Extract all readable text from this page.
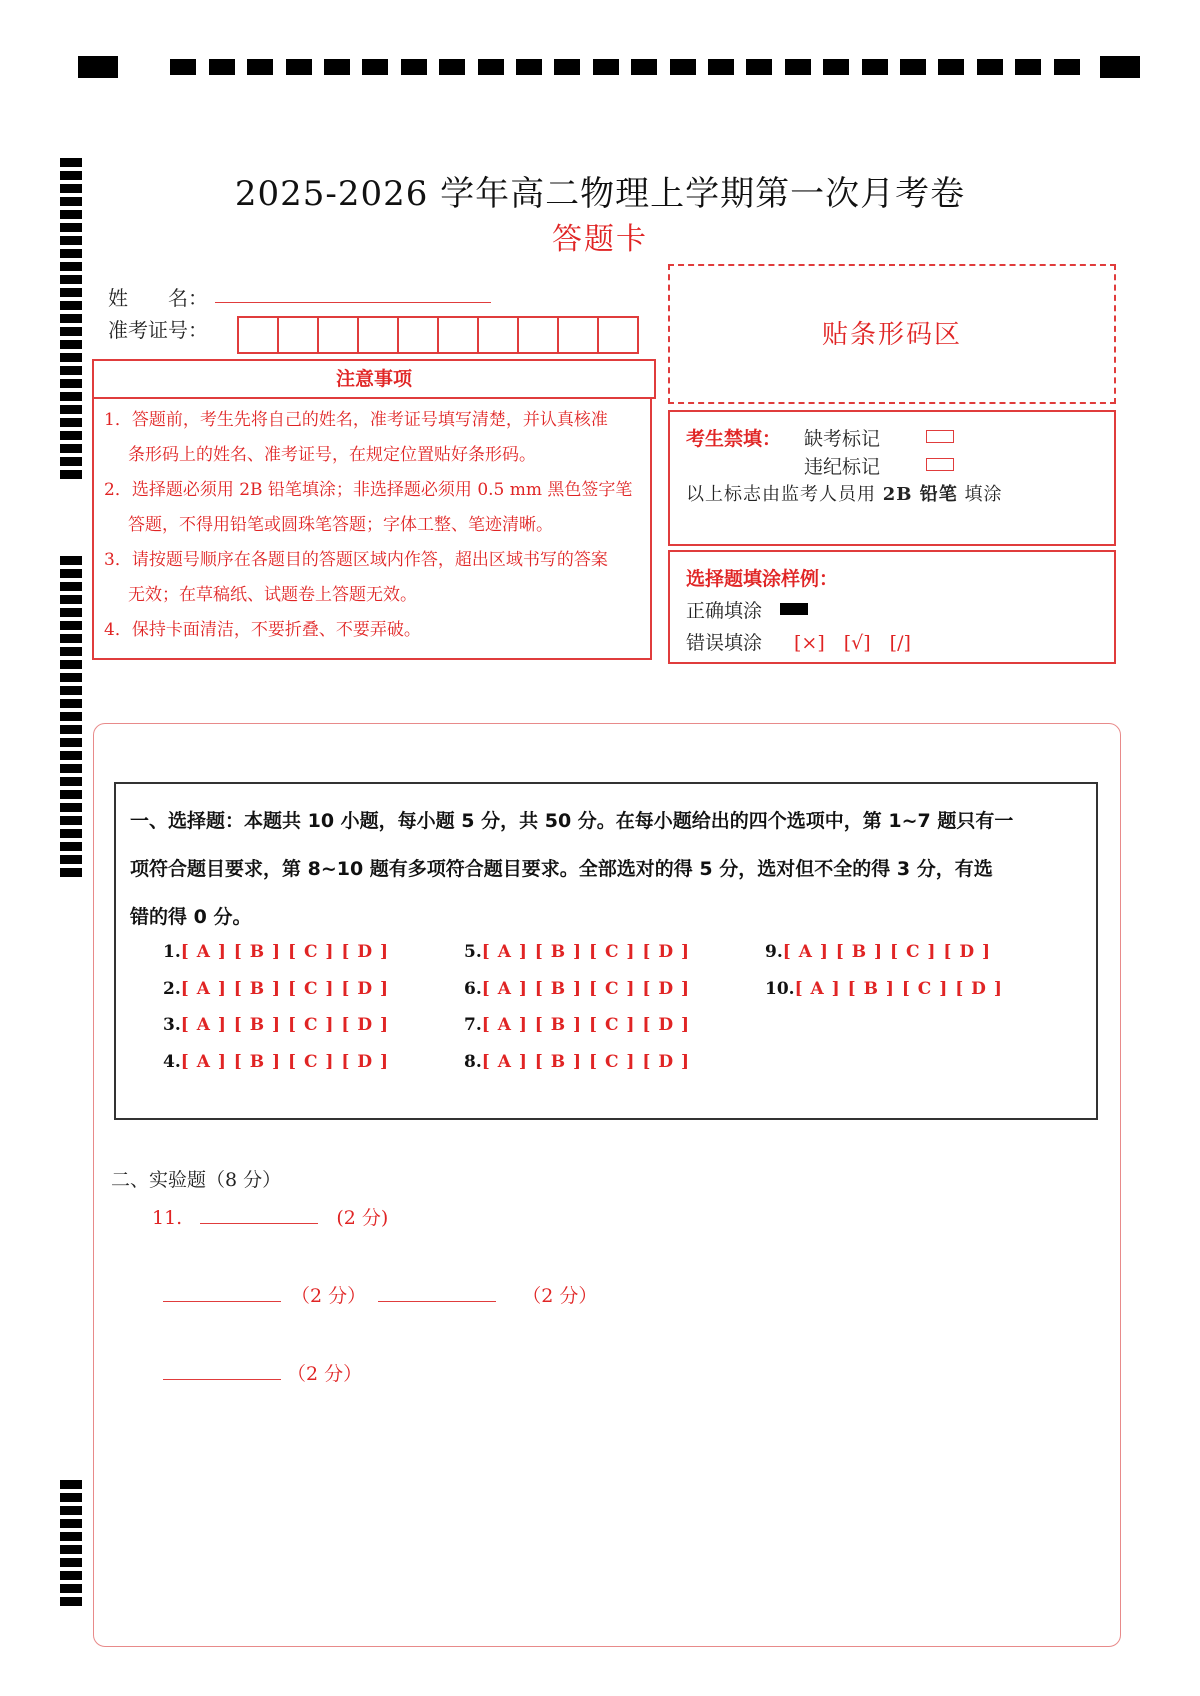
2025-2026 学年高二物理上学期第一次月考卷
答题卡
姓　　名：
准考证号：	贴条形码区
注意事项

1．答题前，考生先将自己的姓名，准考证号填写清楚，并认真核准

条形码上的姓名、准考证号，在规定位置贴好条形码。

2．选择题必须用 2B 铅笔填涂；非选择题必须用 0.5 mm 黑色签字笔

答题，不得用铅笔或圆珠笔答题；字体工整、笔迹清晰。

3．请按题号顺序在各题目的答题区域内作答，超出区域书写的答案

无效；在草稿纸、试题卷上答题无效。

4．保持卡面清洁，不要折叠、不要弄破。

考生禁填： 缺考标记
违纪标记
以上标志由监考人员用 2B 铅笔 填涂
选择题填涂样例：
正确填涂
错误填涂 [×]　[√]　[/]
一、选择题：本题共 10 小题，每小题 5 分，共 50 分。在每小题给出的四个选项中，第 1~7 题只有一
项符合题目要求，第 8~10 题有多项符合题目要求。全部选对的得 5 分，选对但不全的得 3 分，有选
错的得 0 分。
1.[ A ] [ B ] [ C ] [ D ]
2.[ A ] [ B ] [ C ] [ D ]
3.[ A ] [ B ] [ C ] [ D ]
4.[ A ] [ B ] [ C ] [ D ]
5.[ A ] [ B ] [ C ] [ D ]
6.[ A ] [ B ] [ C ] [ D ]
7.[ A ] [ B ] [ C ] [ D ]
8.[ A ] [ B ] [ C ] [ D ]
9.[ A ] [ B ] [ C ] [ D ]
10.[ A ] [ B ] [ C ] [ D ]
二、实验题（8 分）
11.	(2 分)
（2 分）	（2 分）
（2 分）
